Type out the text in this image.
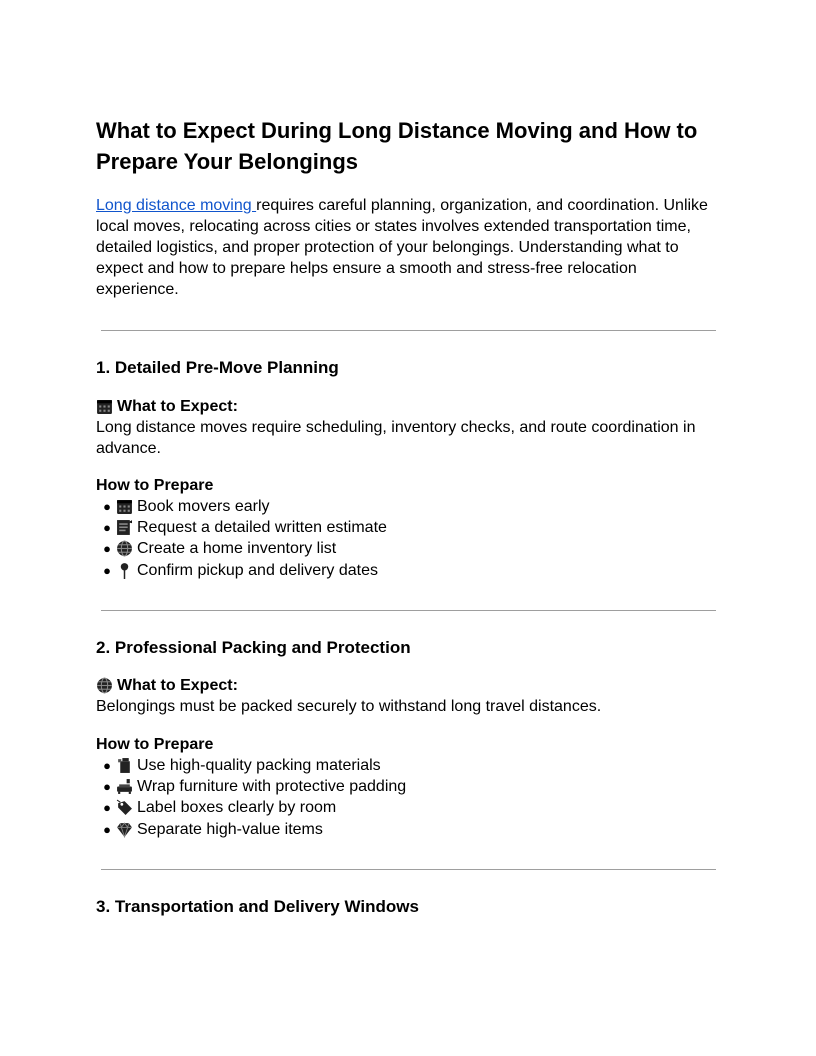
What to Expect During Long Distance Moving and How to Prepare Your Belongings

Long distance moving requires careful planning, organization, and coordination. Unlike local moves, relocating across cities or states involves extended transportation time, detailed logistics, and proper protection of your belongings. Understanding what to expect and how to prepare helps ensure a smooth and stress-free relocation experience.

1. Detailed Pre-Move Planning
What to Expect:

Long distance moves require scheduling, inventory checks, and route coordination in advance.

How to Prepare

●	Book movers early
●	Request a detailed written estimate
●	Create a home inventory list
●	Confirm pickup and delivery dates
2. Professional Packing and Protection
What to Expect:

Belongings must be packed securely to withstand long travel distances.

How to Prepare

●	Use high-quality packing materials
●	Wrap furniture with protective padding
●	Label boxes clearly by room
●	Separate high-value items
3. Transportation and Delivery Windows
